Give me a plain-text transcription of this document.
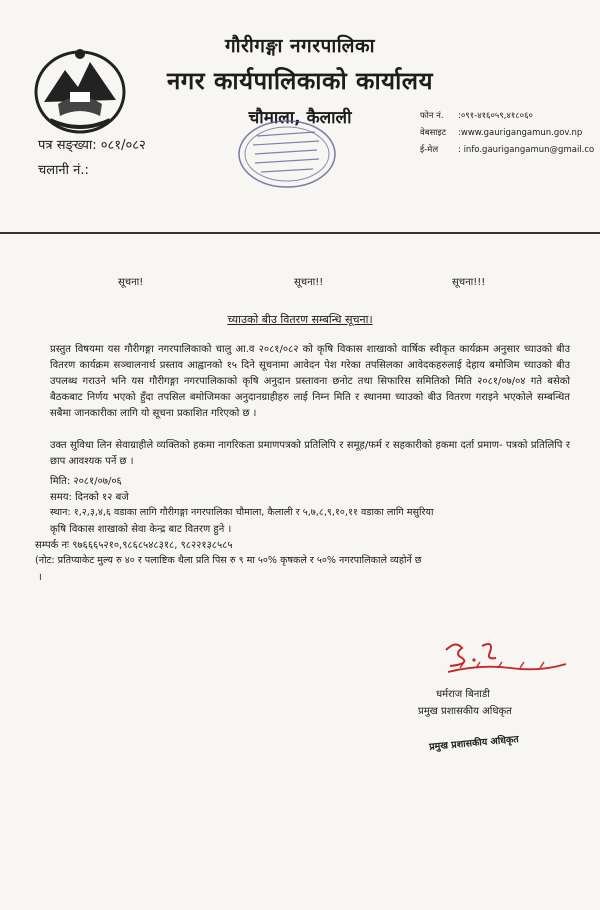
गौरीगङ्गा नगरपालिका
नगर कार्यपालिकाको कार्यालय
चौमाला, कैलाली	फोन नं. :०९१-४१६०५९,४१८०६०
वेबसाइट :www.gaurigangamun.gov.np
ई-मेल : info.gaurigangamun@gmail.co
पत्र सङ्ख्या: ०८१/०८२
चलानी नं.:
सूचना!	सूचना!!	सूचना!!!
च्याउको बीउ वितरण सम्बन्धि सूचना।
प्रस्तुत विषयमा यस गौरीगङ्गा नगरपालिकाको चालु आ.व २०८१/०८२ को कृषि विकास शाखाको वार्षिक स्वीकृत कार्यक्रम अनुसार च्याउको बीउ वितरण कार्यक्रम सञ्चालनार्थ प्रस्ताव आह्वानको १५ दिने सूचनामा आवेदन पेश गरेका तपसिलका आवेदकहरुलाई देहाय बमोजिम च्याउको बीउ उपलब्ध गराउने भनि यस गौरीगङ्गा नगरपालिकाको कृषि अनुदान प्रस्तावना छनोट तथा सिफारिस समितिको मिति २०८१/०७/०४ गते बसेको बैठकबाट निर्णय भएको हुँदा तपसिल बमोजिमका अनुदानग्राहीहरु लाई निम्न मिति र स्थानमा च्याउको बीउ वितरण गराइने भएकोले सम्बन्धित सबैमा जानकारीका लागि यो सूचना प्रकाशित गरिएको छ ।
उक्त सुविधा लिन सेवाग्राहीले व्यक्तिको हकमा नागरिकता प्रमाणपत्रको प्रतिलिपि र समूह/फर्म र सहकारीको हकमा दर्ता प्रमाण- पत्रको प्रतिलिपि र छाप आवश्यक पर्ने छ ।
मिति: २०८१/०७/०६
समय: दिनको १२ बजे
स्थान: १,२,३,४,६ वडाका लागि गौरीगङ्गा नगरपालिका चौमाला, कैलाली र ५,७,८,९,१०,११ वडाका लागि मसुरिया
कृषि विकास शाखाको सेवा केन्द्र बाट वितरण हुने ।
सम्पर्क नः ९७६६६५२१०,९८६८५४८३१८, ९८२२१३८५८५
(नोट: प्रतिप्याकेट मुल्य रु ४० र पलाष्टिक थैला प्रति पिस रु ९ मा ५०% कृषकले र ५०% नगरपालिकाले व्यहोर्ने छ
।
धर्मराज बिनाडी
प्रमुख प्रशासकीय अधिकृत
प्रमुख प्रशासकीय अधिकृत
